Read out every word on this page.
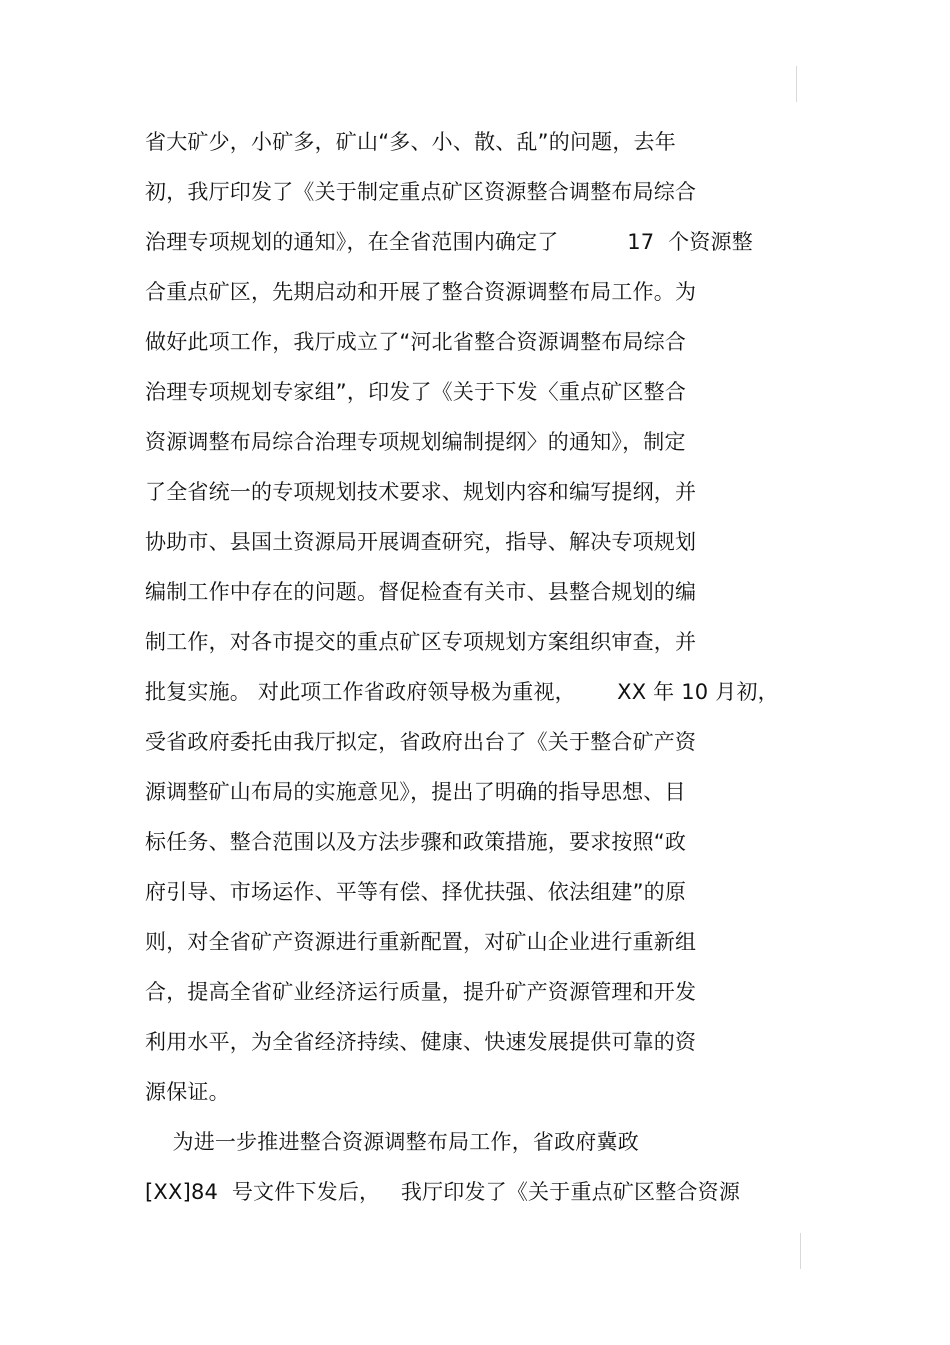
省大矿少，小矿多，矿山“多、小、散、乱”的问题，去年
初，我厅印发了《关于制定重点矿区资源整合调整布局综合
治理专项规划的通知》，在全省范围内确定了          17  个资源整
合重点矿区，先期启动和开展了整合资源调整布局工作。为
做好此项工作，我厅成立了“河北省整合资源调整布局综合
治理专项规划专家组”，印发了《关于下发〈重点矿区整合
资源调整布局综合治理专项规划编制提纲〉的通知》，制定
了全省统一的专项规划技术要求、规划内容和编写提纲，并
协助市、县国土资源局开展调查研究，指导、解决专项规划
编制工作中存在的问题。督促检查有关市、县整合规划的编
制工作，对各市提交的重点矿区专项规划方案组织审查，并
批复实施。 对此项工作省政府领导极为重视，      XX 年 10 月初，
受省政府委托由我厅拟定，省政府出台了《关于整合矿产资
源调整矿山布局的实施意见》，提出了明确的指导思想、目
标任务、整合范围以及方法步骤和政策措施，要求按照“政
府引导、市场运作、平等有偿、择优扶强、依法组建”的原
则，对全省矿产资源进行重新配置，对矿山企业进行重新组
合，提高全省矿业经济运行质量，提升矿产资源管理和开发
利用水平，为全省经济持续、健康、快速发展提供可靠的资
源保证。
为进一步推进整合资源调整布局工作，省政府冀政
[XX]84  号文件下发后，   我厅印发了《关于重点矿区整合资源
